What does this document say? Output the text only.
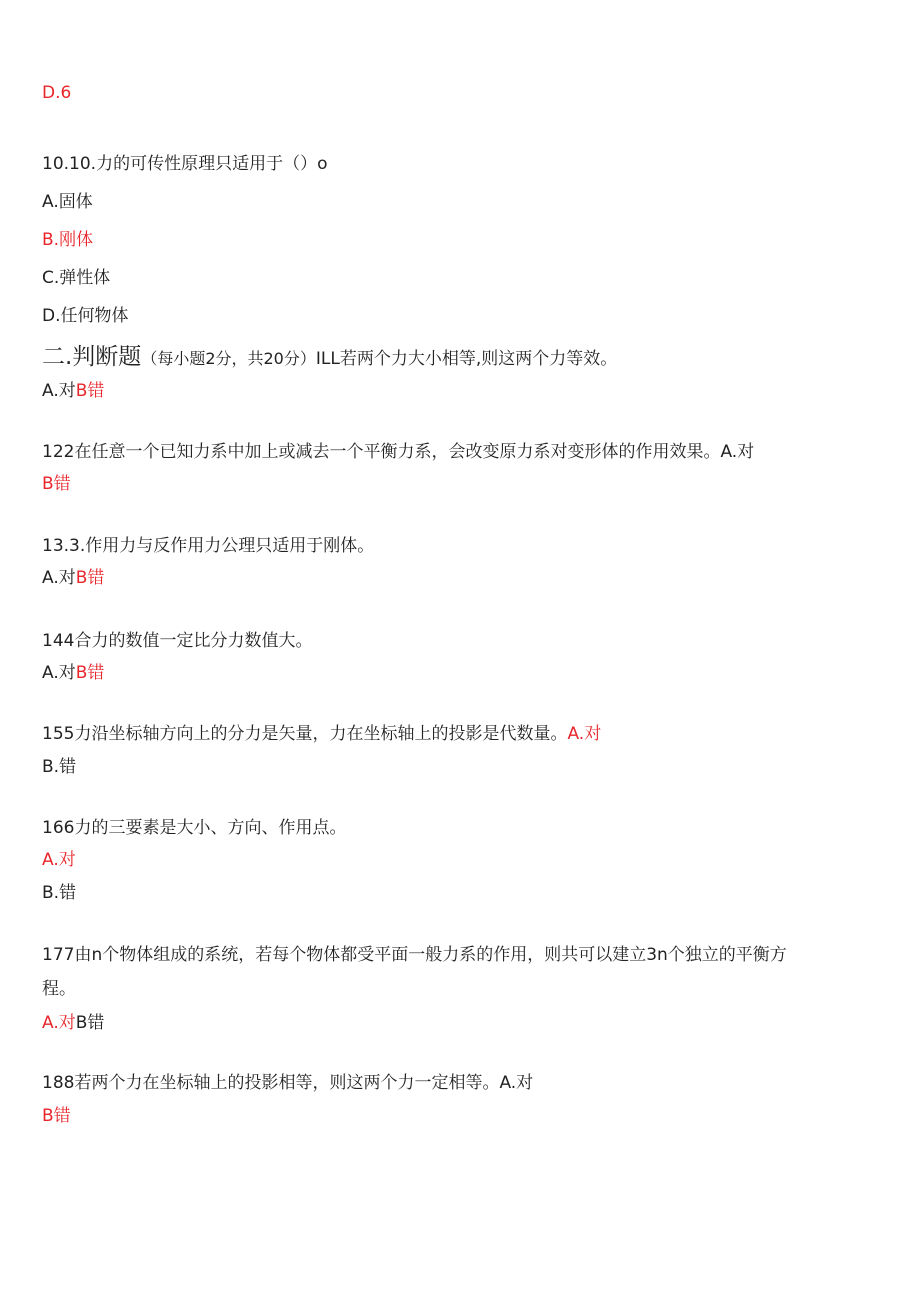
D.6
10.10.力的可传性原理只适用于（）o
A.固体
B.刚体
C.弹性体
D.任何物体
二.判断题（每小题2分，共20分）ILL若两个力大小相等,则这两个力等效。
A.对B错
122在任意一个已知力系中加上或减去一个平衡力系，会改变原力系对变形体的作用效果。A.对
B错
13.3.作用力与反作用力公理只适用于刚体。
A.对B错
144合力的数值一定比分力数值大。
A.对B错
155力沿坐标轴方向上的分力是矢量，力在坐标轴上的投影是代数量。A.对
B.错
166力的三要素是大小、方向、作用点。
A.对
B.错
177由n个物体组成的系统，若每个物体都受平面一般力系的作用，则共可以建立3n个独立的平衡方
程。
A.对B错
188若两个力在坐标轴上的投影相等，则这两个力一定相等。A.对
B错
